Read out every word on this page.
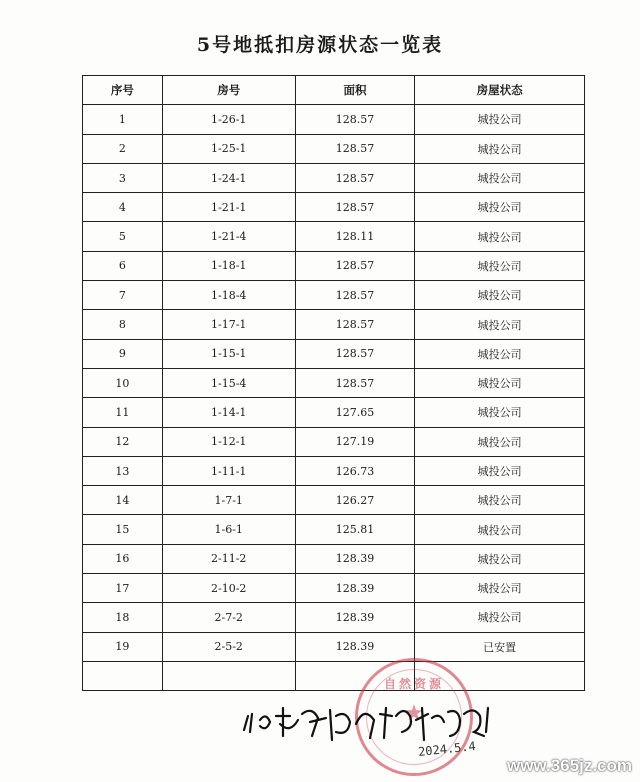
5号地抵扣房源状态一览表
序号	房号	面积	房屋状态
1	1-26-1	128.57	城投公司
2	1-25-1	128.57	城投公司
3	1-24-1	128.57	城投公司
4	1-21-1	128.57	城投公司
5	1-21-4	128.11	城投公司
6	1-18-1	128.57	城投公司
7	1-18-4	128.57	城投公司
8	1-17-1	128.57	城投公司
9	1-15-1	128.57	城投公司
10	1-15-4	128.57	城投公司
11	1-14-1	127.65	城投公司
12	1-12-1	127.19	城投公司
13	1-11-1	126.73	城投公司
14	1-7-1	126.27	城投公司
15	1-6-1	125.81	城投公司
16	2-11-2	128.39	城投公司
17	2-10-2	128.39	城投公司
18	2-7-2	128.39	城投公司
19	2-5-2	128.39	已安置

自然资源
★
2024.5.4
www.365jz.com
